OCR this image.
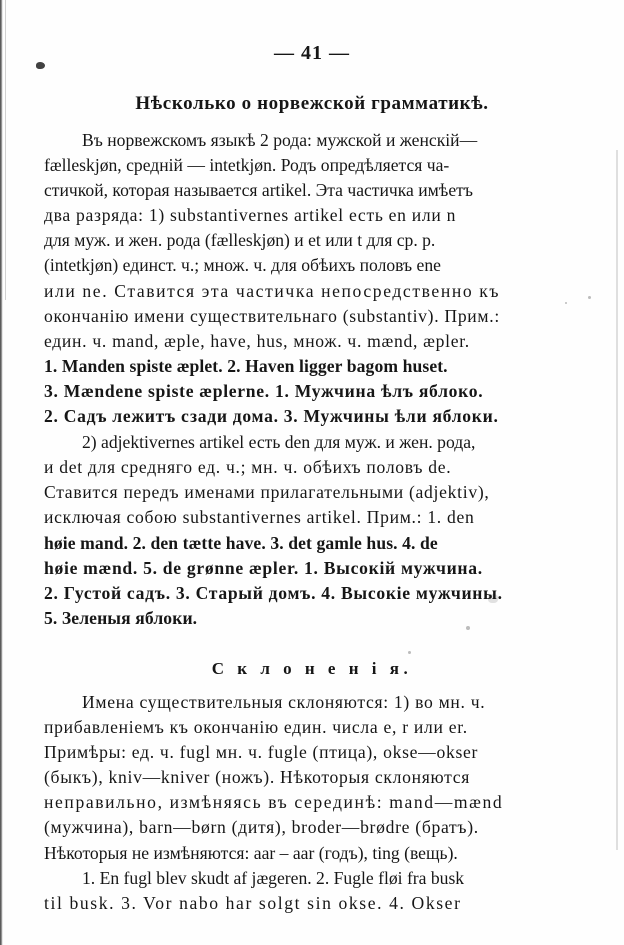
— 41 —
Нѣсколько о норвежской грамматикѣ.
Въ норвежскомъ языкѣ 2 рода: мужской и женскій—
fælleskjøn, средній — intetkjøn. Родъ опредѣляется ча-
стичкой, которая называется artikel. Эта частичка имѣетъ
два разряда: 1) substantivernes artikel есть en или n
для муж. и жен. рода (fælleskjøn) и et или t для ср. р.
(intetkjøn) единст. ч.; множ. ч. для обѣихъ половъ ene
или ne. Ставится эта частичка непосредственно къ
окончанію имени существительнаго (substantiv). Прим.:
един. ч. mand, æple, have, hus, множ. ч. mænd, æpler.
1. Manden spiste æplet. 2. Haven ligger bagom huset.
3. Mændene spiste æplerne. 1. Мужчина ѣлъ яблоко.
2. Садъ лежитъ сзади дома. 3. Мужчины ѣли яблоки.
2) adjektivernes artikel есть den для муж. и жен. рода,
и det для средняго ед. ч.; мн. ч. обѣихъ половъ de.
Ставится передъ именами прилагательными (adjektiv),
исключая собою substantivernes artikel. Прим.: 1. den
høie mand. 2. den tætte have. 3. det gamle hus. 4. de
høie mænd. 5. de grønne æpler. 1. Высокій мужчина.
2. Густой садъ. 3. Старый домъ. 4. Высокіе мужчины.
5. Зеленыя яблоки.
С к л о н е н і я.
Имена существительныя склоняются: 1) во мн. ч.
прибавленіемъ къ окончанію един. числа e, r или er.
Примѣры: ед. ч. fugl мн. ч. fugle (птица), okse—okser
(быкъ), kniv—kniver (ножъ). Нѣкоторыя склоняются
неправильно, измѣняясь въ серединѣ: mand—mænd
(мужчина), barn—børn (дитя), broder—brødre (братъ).
Нѣкоторыя не измѣняются: aar – aar (годъ), ting (вещь).
1. En fugl blev skudt af jægeren. 2. Fugle fløi fra busk
til busk. 3. Vor nabo har solgt sin okse. 4. Okser
